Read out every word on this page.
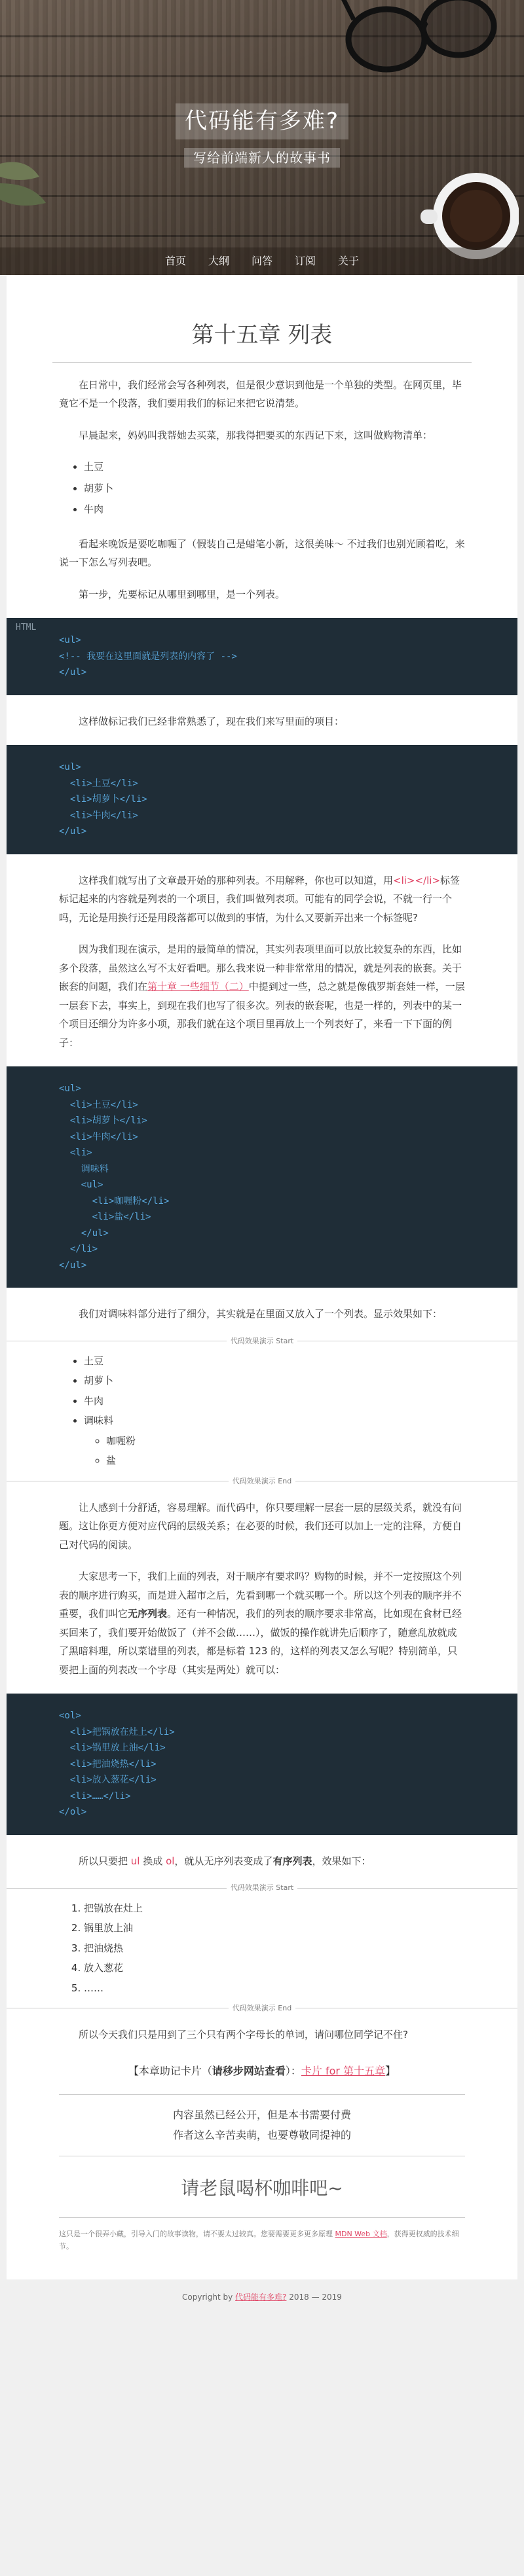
代码能有多难?
写给前端新人的故事书
首页 大纲 问答 订阅 关于
第十五章 列表

在日常中，我们经常会写各种列表，但是很少意识到他是一个单独的类型。在网页里，毕竟它不是一个段落，我们要用我们的标记来把它说清楚。

早晨起来，妈妈叫我帮她去买菜，那我得把要买的东西记下来，这叫做购物清单：

• 土豆
• 胡萝卜
• 牛肉

看起来晚饭是要吃咖喱了（假装自己是蜡笔小新，这很美味～ 不过我们也别光顾着吃，来说一下怎么写列表吧。

第一步，先要标记从哪里到哪里，是一个列表。

HTML
<ul>
<!-- 我要在这里面就是列表的内容了 -->
</ul>

这样做标记我们已经非常熟悉了，现在我们来写里面的项目：

<ul>
<li>土豆</li>
<li>胡萝卜</li>
<li>牛肉</li>
</ul>

这样我们就写出了文章最开始的那种列表。不用解释，你也可以知道，用<li></li>标签标记起来的内容就是列表的一个项目，我们叫做列表项。可能有的同学会说，不就一行一个吗，无论是用换行还是用段落都可以做到的事情，为什么又要新弄出来一个标签呢?

因为我们现在演示，是用的最简单的情况，其实列表项里面可以放比较复杂的东西，比如多个段落，虽然这么写不太好看吧。那么我来说一种非常常用的情况，就是列表的嵌套。关于嵌套的问题，我们在第十章 一些细节（二）中提到过一些，总之就是像俄罗斯套娃一样，一层一层套下去，事实上，到现在我们也写了很多次。列表的嵌套呢，也是一样的，列表中的某一个项目还细分为许多小项，那我们就在这个项目里再放上一个列表好了，来看一下下面的例子：

<ul>
<li>土豆</li>
<li>胡萝卜</li>
<li>牛肉</li>
<li>
调味料
<ul>
<li>咖喱粉</li>
<li>盐</li>
</ul>
</li>
</ul>

我们对调味料部分进行了细分，其实就是在里面又放入了一个列表。显示效果如下：

代码效果演示 Start
• 土豆
• 胡萝卜
• 牛肉
• 调味料
◦ 咖喱粉
◦ 盐
代码效果演示 End

让人感到十分舒适，容易理解。而代码中，你只要理解一层套一层的层级关系，就没有问题。这让你更方便对应代码的层级关系；在必要的时候，我们还可以加上一定的注释，方便自己对代码的阅读。

大家思考一下，我们上面的列表，对于顺序有要求吗？购物的时候，并不一定按照这个列表的顺序进行购买，而是进入超市之后，先看到哪一个就买哪一个。所以这个列表的顺序并不重要，我们叫它无序列表。还有一种情况，我们的列表的顺序要求非常高，比如现在食材已经买回来了，我们要开始做饭了（并不会做……），做饭的操作就讲先后顺序了，随意乱放就成了黑暗料理，所以菜谱里的列表，都是标着 123 的，这样的列表又怎么写呢？特别简单，只要把上面的列表改一个字母（其实是两处）就可以：

<ol>
<li>把锅放在灶上</li>
<li>锅里放上油</li>
<li>把油烧热</li>
<li>放入葱花</li>
<li>……</li>
</ol>

所以只要把 ul 换成 ol，就从无序列表变成了有序列表，效果如下：

代码效果演示 Start
1. 把锅放在灶上
2. 锅里放上油
3. 把油烧热
4. 放入葱花
5. ……
代码效果演示 End

所以今天我们只是用到了三个只有两个字母长的单词，请问哪位同学记不住?

【本章助记卡片（请移步网站查看）：卡片 for 第十五章】
内容虽然已经公开，但是本书需要付费
作者这么辛苦卖萌，也要尊敬同提神的
请老鼠喝杯咖啡吧~

这只是一个很弄小藏，引导入门的故事读物，请不要太过较真。您要需要更多更多原理 MDN Web 文档，获得更权威的技术细节。

Copyright by 代码能有多难? 2018 — 2019
